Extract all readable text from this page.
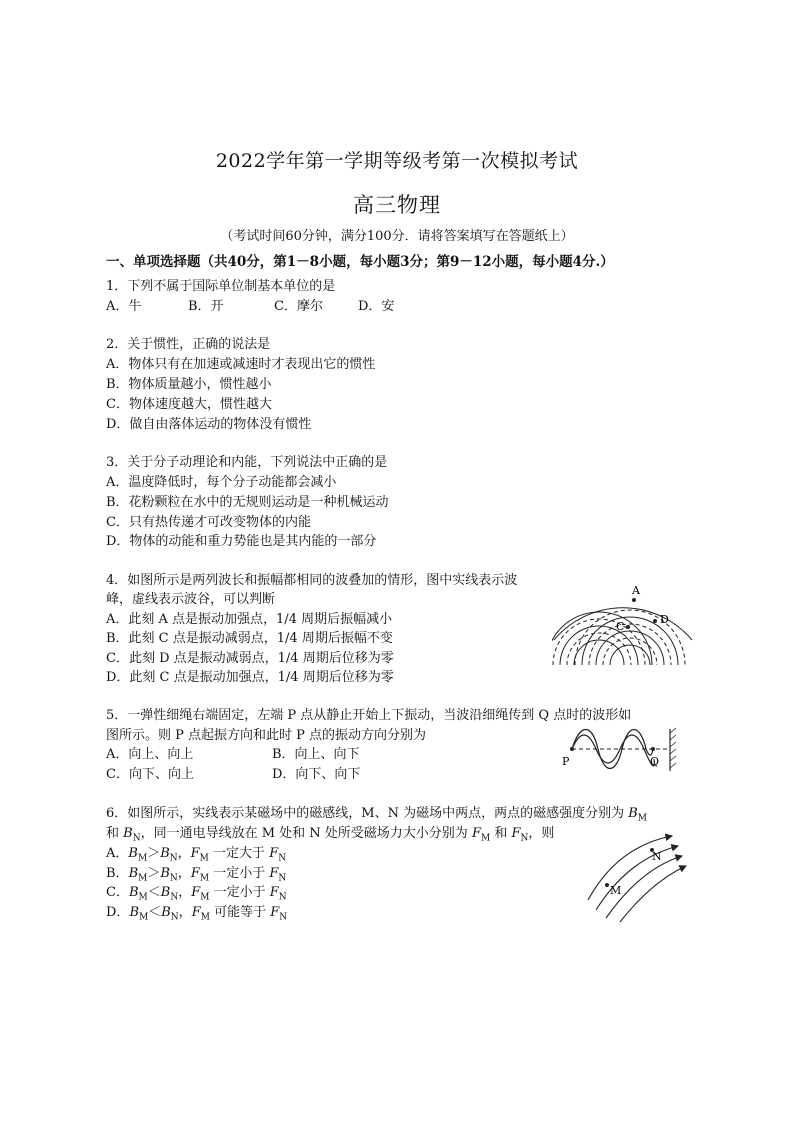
2022学年第一学期等级考第一次模拟考试
高三物理
（考试时间60分钟，满分100分．请将答案填写在答题纸上）
一、单项选择题（共40分，第1－8小题，每小题3分；第9－12小题，每小题4分.）
1．下列不属于国际单位制基本单位的是
A．牛	B．开	C．摩尔	D．安
2．关于惯性，正确的说法是
A．物体只有在加速或减速时才表现出它的惯性
B．物体质量越小，惯性越小
C．物体速度越大，惯性越大
D．做自由落体运动的物体没有惯性
3．关于分子动理论和内能，下列说法中正确的是
A．温度降低时，每个分子动能都会减小
B．花粉颗粒在水中的无规则运动是一种机械运动
C．只有热传递才可改变物体的内能
D．物体的动能和重力势能也是其内能的一部分
4．如图所示是两列波长和振幅都相同的波叠加的情形，图中实线表示波
峰，虚线表示波谷，可以判断
A．此刻 A 点是振动加强点，1/4 周期后振幅减小
B．此刻 C 点是振动减弱点，1/4 周期后振幅不变
C．此刻 D 点是振动减弱点，1/4 周期后位移为零
D．此刻 C 点是振动加强点，1/4 周期后位移为零
A
C
D
5．一弹性细绳右端固定，左端 P 点从静止开始上下振动，当波沿细绳传到 Q 点时的波形如
图所示。则 P 点起振方向和此时 P 点的振动方向分别为
A．向上、向上	B．向上、向下
C．向下、向上	D．向下、向下
P	Q
6．如图所示，实线表示某磁场中的磁感线，M、N 为磁场中两点，两点的磁感强度分别为 $B_M$
和 $B_N$，同一通电导线放在 M 处和 N 处所受磁场力大小分别为 $F_M$ 和 $F_N$，则
A．$B_M>B_N$，$F_M$ 一定大于 $F_N$
B．$B_M>B_N$，$F_M$ 一定小于 $F_N$
C．$B_M<B_N$，$F_M$ 一定小于 $F_N$
D．$B_M<B_N$，$F_M$ 可能等于 $F_N$
M
N
